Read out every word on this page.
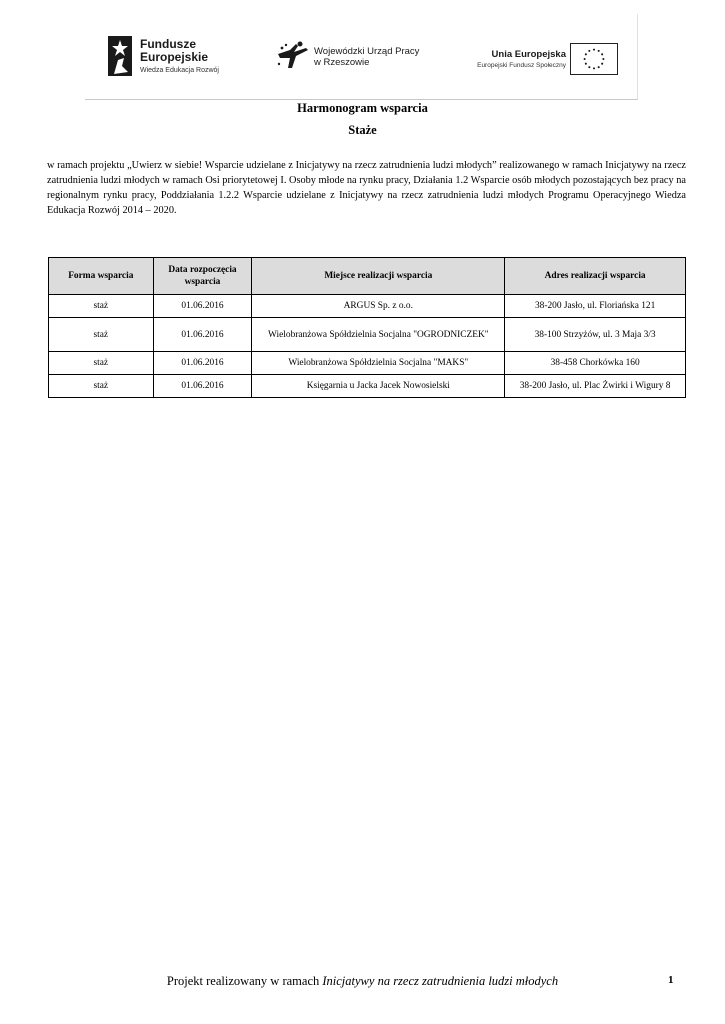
Fundusze
Europejskie
Wiedza Edukacja Rozwój
Wojewódzki Urząd Pracy
w Rzeszowie
Unia Europejska
Europejski Fundusz Społeczny
Harmonogram wsparcia
Staże

w ramach projektu „Uwierz w siebie! Wsparcie udzielane z Inicjatywy na rzecz zatrudnienia ludzi młodych” realizowanego w ramach Inicjatywy na rzecz zatrudnienia ludzi młodych w ramach Osi priorytetowej I. Osoby młode na rynku pracy, Działania 1.2 Wsparcie osób młodych pozostających bez pracy na regionalnym rynku pracy, Poddziałania 1.2.2 Wsparcie udzielane z Inicjatywy na rzecz zatrudnienia ludzi młodych Programu Operacyjnego Wiedza Edukacja Rozwój 2014 – 2020.

Forma wsparcia	Data rozpoczęcia wsparcia	Miejsce realizacji wsparcia	Adres realizacji wsparcia
staż	01.06.2016	ARGUS Sp. z o.o.	38-200 Jasło, ul. Floriańska 121
staż	01.06.2016	Wielobranżowa Spółdzielnia Socjalna "OGRODNICZEK"	38-100 Strzyżów, ul. 3 Maja 3/3
staż	01.06.2016	Wielobranżowa Spółdzielnia Socjalna "MAKS"	38-458 Chorkówka 160
staż	01.06.2016	Księgarnia u Jacka Jacek Nowosielski	38-200 Jasło, ul. Plac Żwirki i Wigury 8
Projekt realizowany w ramach Inicjatywy na rzecz zatrudnienia ludzi młodych	1
